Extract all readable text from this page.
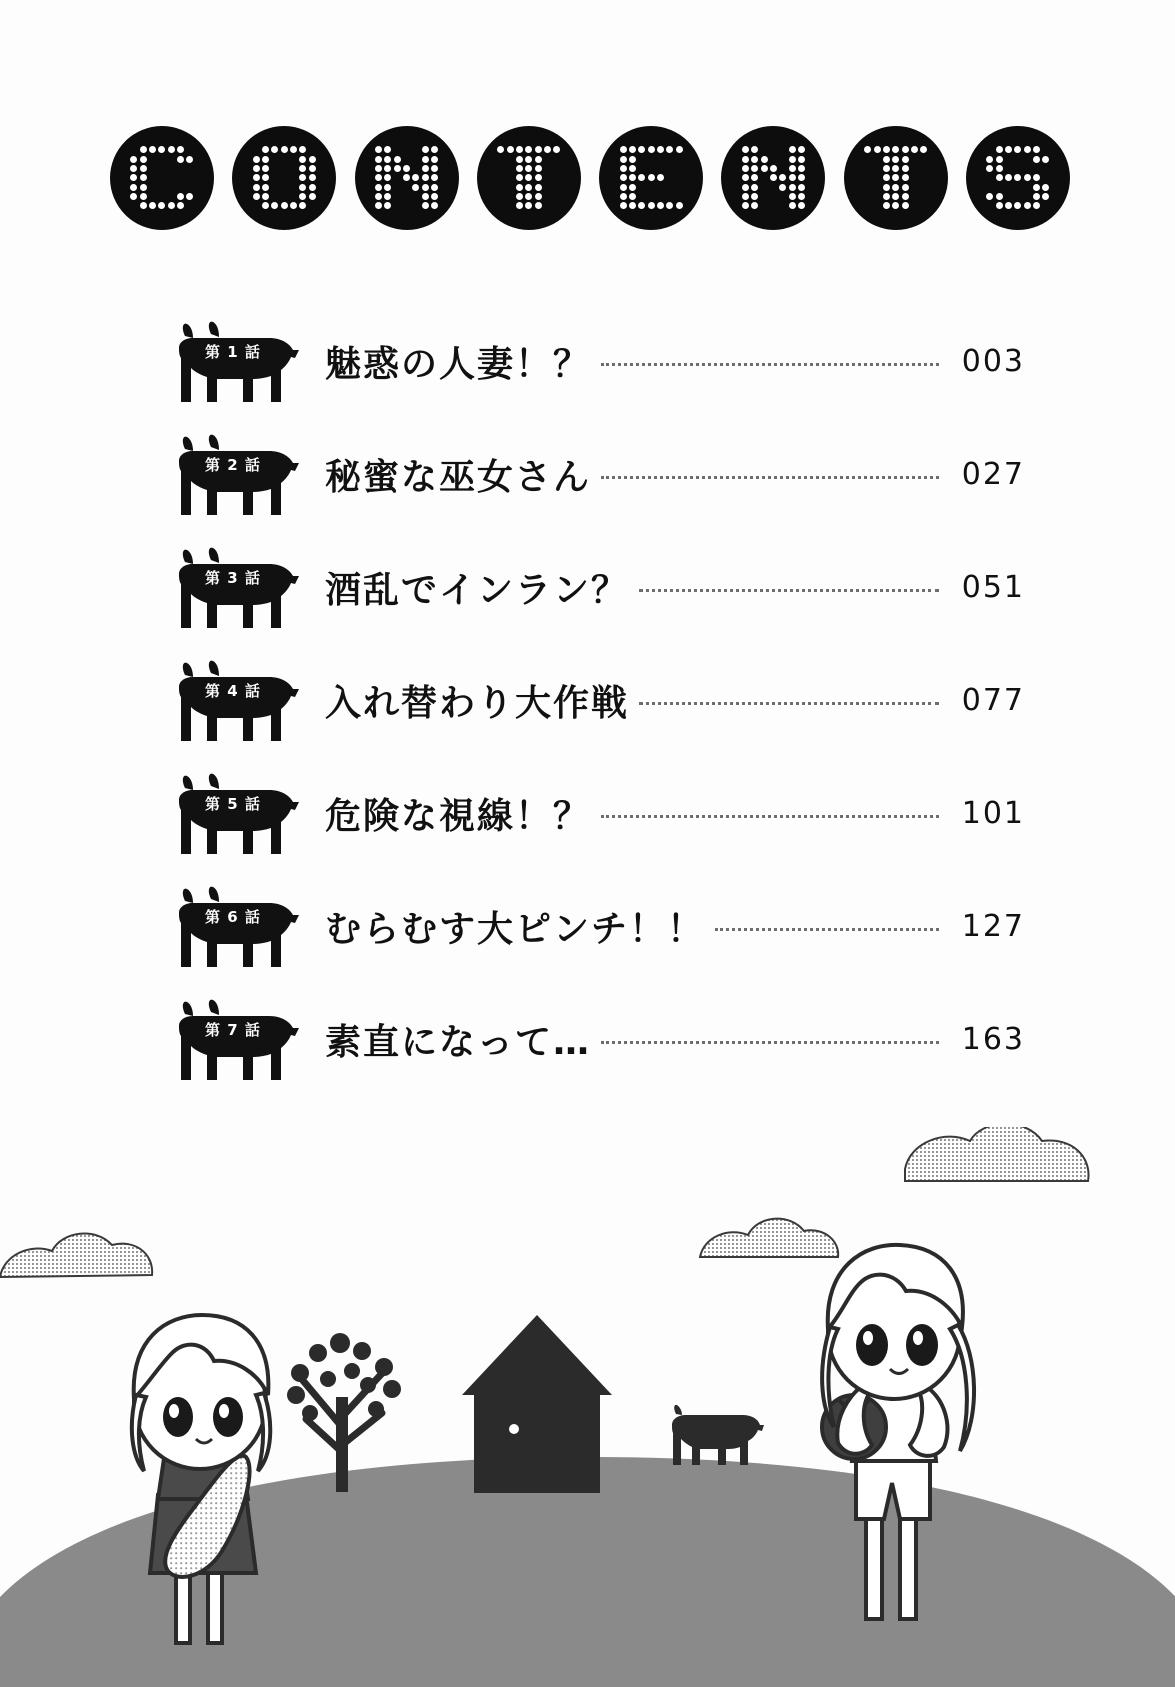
第 1 話 魅惑の人妻！？	003
第 2 話 秘蜜な巫女さん	027
第 3 話 酒乱でインラン？	051
第 4 話 入れ替わり大作戦	077
第 5 話 危険な視線！？	101
第 6 話 むらむす大ピンチ！！	127
第 7 話 素直になって…	163
